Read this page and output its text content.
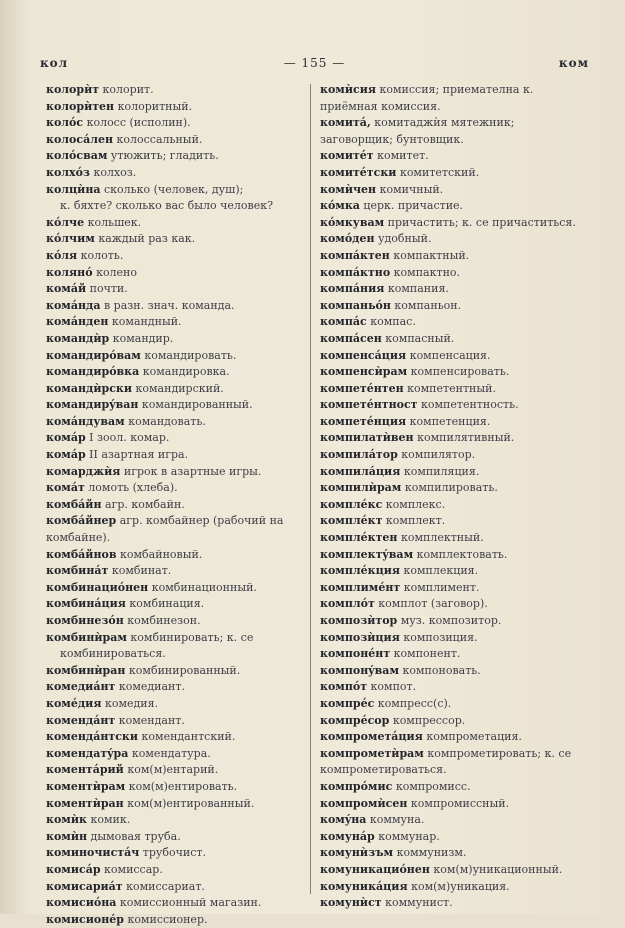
кол	— 155 —	ком

колорѝт колорит.

колорѝтен колоритный.

колóс колосс (исполин).

колосáлен колоссальный.

колóсвам утюжить; гладить.

колхóз колхоз.

колцѝна сколько (человек, душ);

к. бяхте? сколько вас было человек?

кóлче кольшек.

кóлчим каждый раз как.

кóля колоть.

колянó колено

комáй почти.

комáнда в разн. знач. команда.

комáнден командный.

командѝр командир.

командирóвам командировать.

командирóвка командировка.

командѝрски командирский.

командирýван командированный.

комáндувам командовать.

комáр I зоол. комар.

комáр II азартная игра.

комарджѝя игрок в азартные игры.

комáт ломоть (хлеба).

комбáйн агр. комбайн.

комбáйнер агр. комбайнер (рабочий на комбайне).

комбáйнов комбайновый.

комбинáт комбинат.

комбинациóнен комбинационный.

комбинáция комбинация.

комбинезóн комбинезон.

комбинѝрам комбинировать; к. се

комбинироваться.

комбинѝран комбинированный.

комедиáнт комедиант.

комéдия комедия.

комендáнт комендант.

комендáнтски комендантский.

комендатýра комендатура.

коментáрий ком(м)ентарий.

коментѝрам ком(м)ентировать.

коментѝран ком(м)ентированный.

комѝк комик.

комѝн дымовая труба.

коминочистáч трубочист.

комисáр комиссар.

комисариáт комиссариат.

комисиóна комиссионный магазин.

комисионéр комиссионер.

комѝсия комиссия; приемателна к. приёмная комиссия.

комитá, комитаджѝя мятежник; заговорщик; бунтовщик.

комитéт комитет.

комитéтски комитетский.

комѝчен комичный.

кóмка церк. причастие.

кóмкувам причастить; к. се причаститься.

комóден удобный.

компáктен компактный.

компáктно компактно.

компáния компания.

компаньóн компаньон.

компáс компас.

компáсен компасный.

компенсáция компенсация.

компенсѝрам компенсировать.

компетéнтен компетентный.

компетéнтност компетентность.

компетéнция компетенция.

компилатѝвен компилятивный.

компилáтор компилятор.

компилáция компиляция.

компилѝрам компилировать.

комплéкс комплекс.

комплéкт комплект.

комплéктен комплектный.

комплектýвам комплектовать.

комплéкция комплекция.

комплимéнт комплимент.

комплóт комплот (заговор).

композѝтор муз. композитор.

композѝция композиция.

компонéнт компонент.

компонýвам компоновать.

компóт компот.

компрéс компресс(с).

компрéсор компрессор.

компрометáция компрометация.

компрометѝрам компрометировать; к. се компрометироваться.

компрóмис компромисс.

компромѝсен компромиссный.

комýна коммуна.

комунáр коммунар.

комунѝзъм коммунизм.

комуникациóнен ком(м)уникационный.

комуникáция ком(м)уникация.

комунѝст коммунист.
